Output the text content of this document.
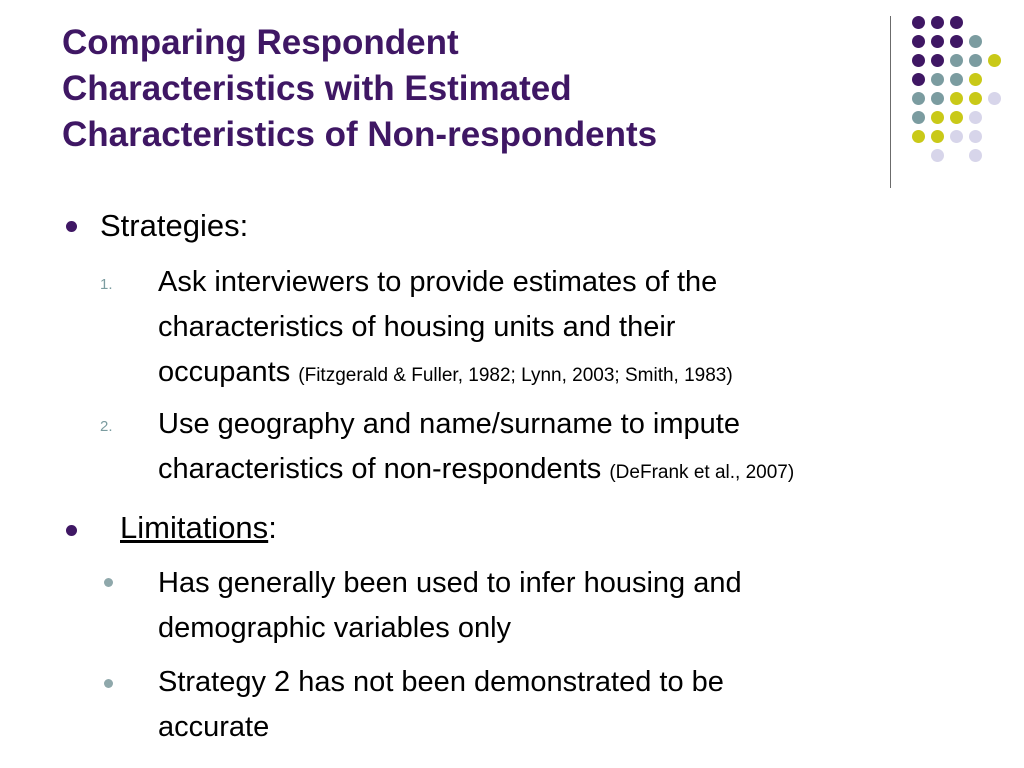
Comparing Respondent
Characteristics with Estimated
Characteristics of Non-respondents
Strategies:
1. Ask interviewers to provide estimates of the
characteristics of housing units and their
occupants (Fitzgerald & Fuller, 1982; Lynn, 2003; Smith, 1983)
2. Use geography and name/surname to impute
characteristics of non-respondents (DeFrank et al., 2007)
Limitations:
Has generally been used to infer housing and
demographic variables only
Strategy 2 has not been demonstrated to be
accurate
